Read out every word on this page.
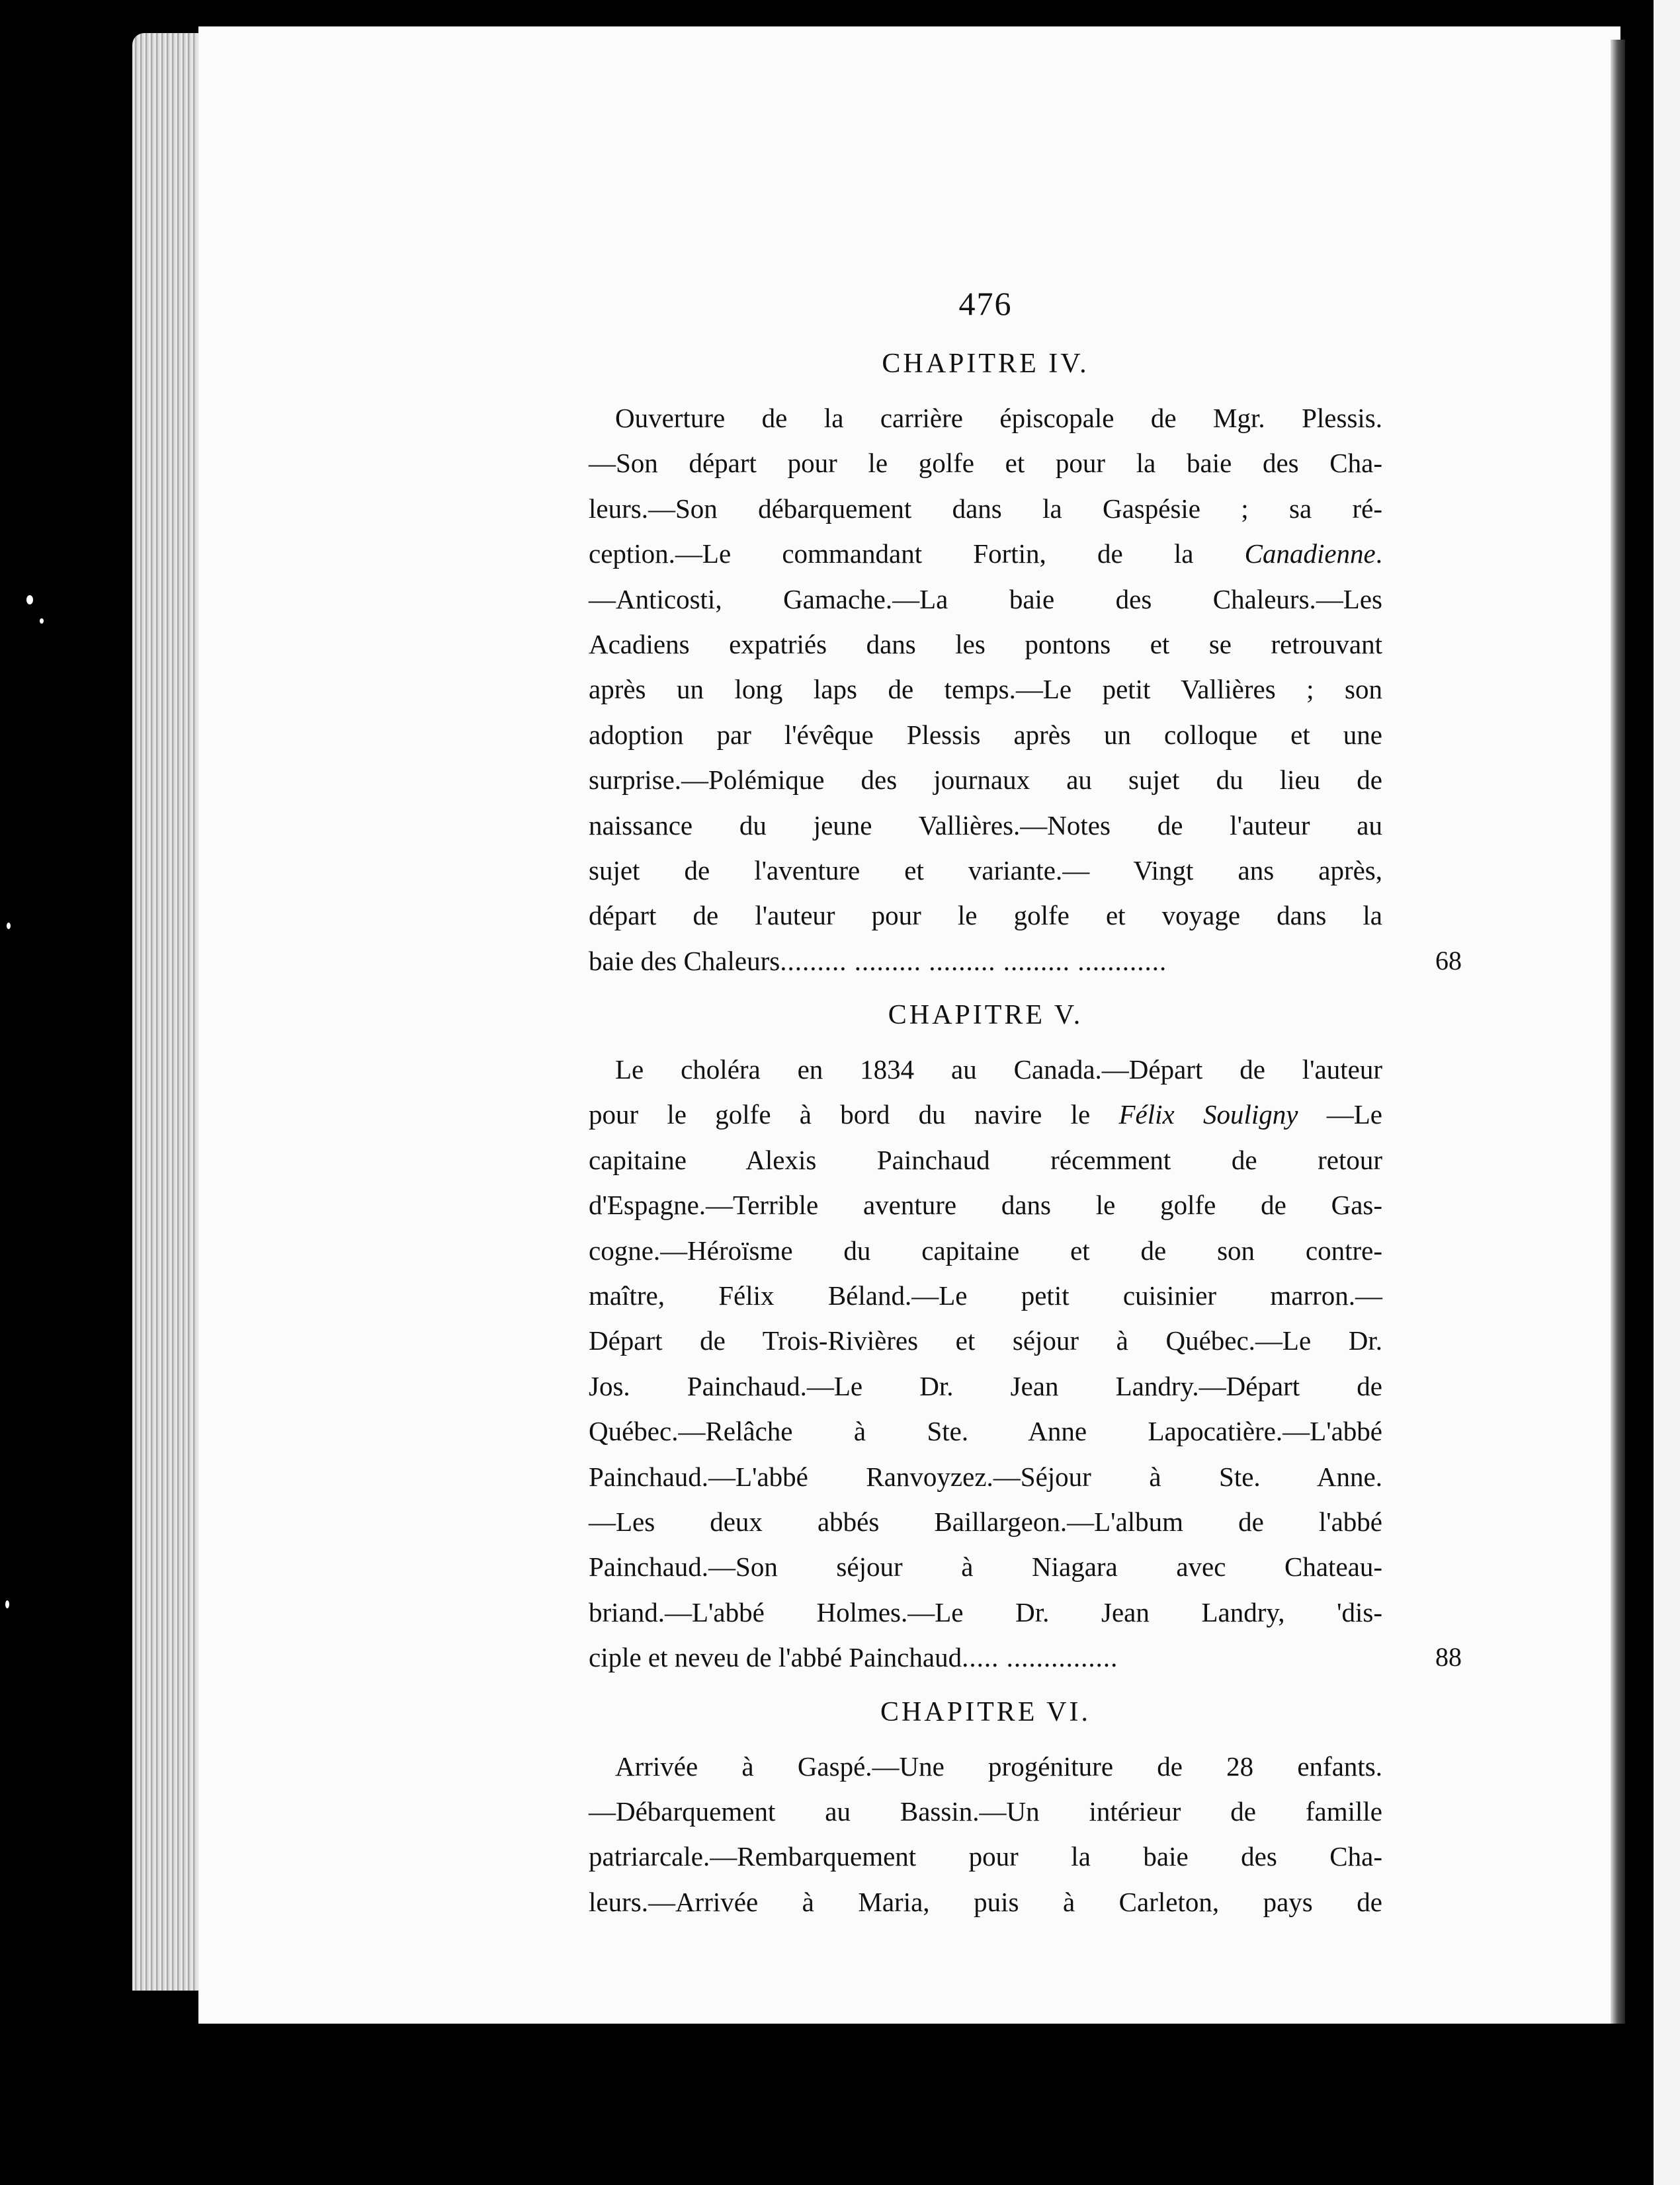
476
CHAPITRE IV.
Ouverture de la carrière épiscopale de Mgr. Plessis.
—Son départ pour le golfe et pour la baie des Cha-
leurs.—Son débarquement dans la Gaspésie ; sa ré-
ception.—Le commandant Fortin, de la Canadienne.
—Anticosti, Gamache.—La baie des Chaleurs.—Les
Acadiens expatriés dans les pontons et se retrouvant
après un long laps de temps.—Le petit Vallières ; son
adoption par l'évêque Plessis après un colloque et une
surprise.—Polémique des journaux au sujet du lieu de
naissance du jeune Vallières.—Notes de l'auteur au
sujet de l'aventure et variante.— Vingt ans après,
départ de l'auteur pour le golfe et voyage dans la
baie des Chaleurs......... ......... ......... ......... ............	68
CHAPITRE V.
Le choléra en 1834 au Canada.—Départ de l'auteur
pour le golfe à bord du navire le Félix Souligny —Le
capitaine Alexis Painchaud récemment de retour
d'Espagne.—Terrible aventure dans le golfe de Gas-
cogne.—Héroïsme du capitaine et de son contre-
maître, Félix Béland.—Le petit cuisinier marron.—
Départ de Trois-Rivières et séjour à Québec.—Le Dr.
Jos. Painchaud.—Le Dr. Jean Landry.—Départ de
Québec.—Relâche à Ste. Anne Lapocatière.—L'abbé
Painchaud.—L'abbé Ranvoyzez.—Séjour à Ste. Anne.
—Les deux abbés Baillargeon.—L'album de l'abbé
Painchaud.—Son séjour à Niagara avec Chateau-
briand.—L'abbé Holmes.—Le Dr. Jean Landry, 'dis-
ciple et neveu de l'abbé Painchaud..... ...............	88
CHAPITRE VI.
Arrivée à Gaspé.—Une progéniture de 28 enfants.
—Débarquement au Bassin.—Un intérieur de famille
patriarcale.—Rembarquement pour la baie des Cha-
leurs.—Arrivée à Maria, puis à Carleton, pays de
